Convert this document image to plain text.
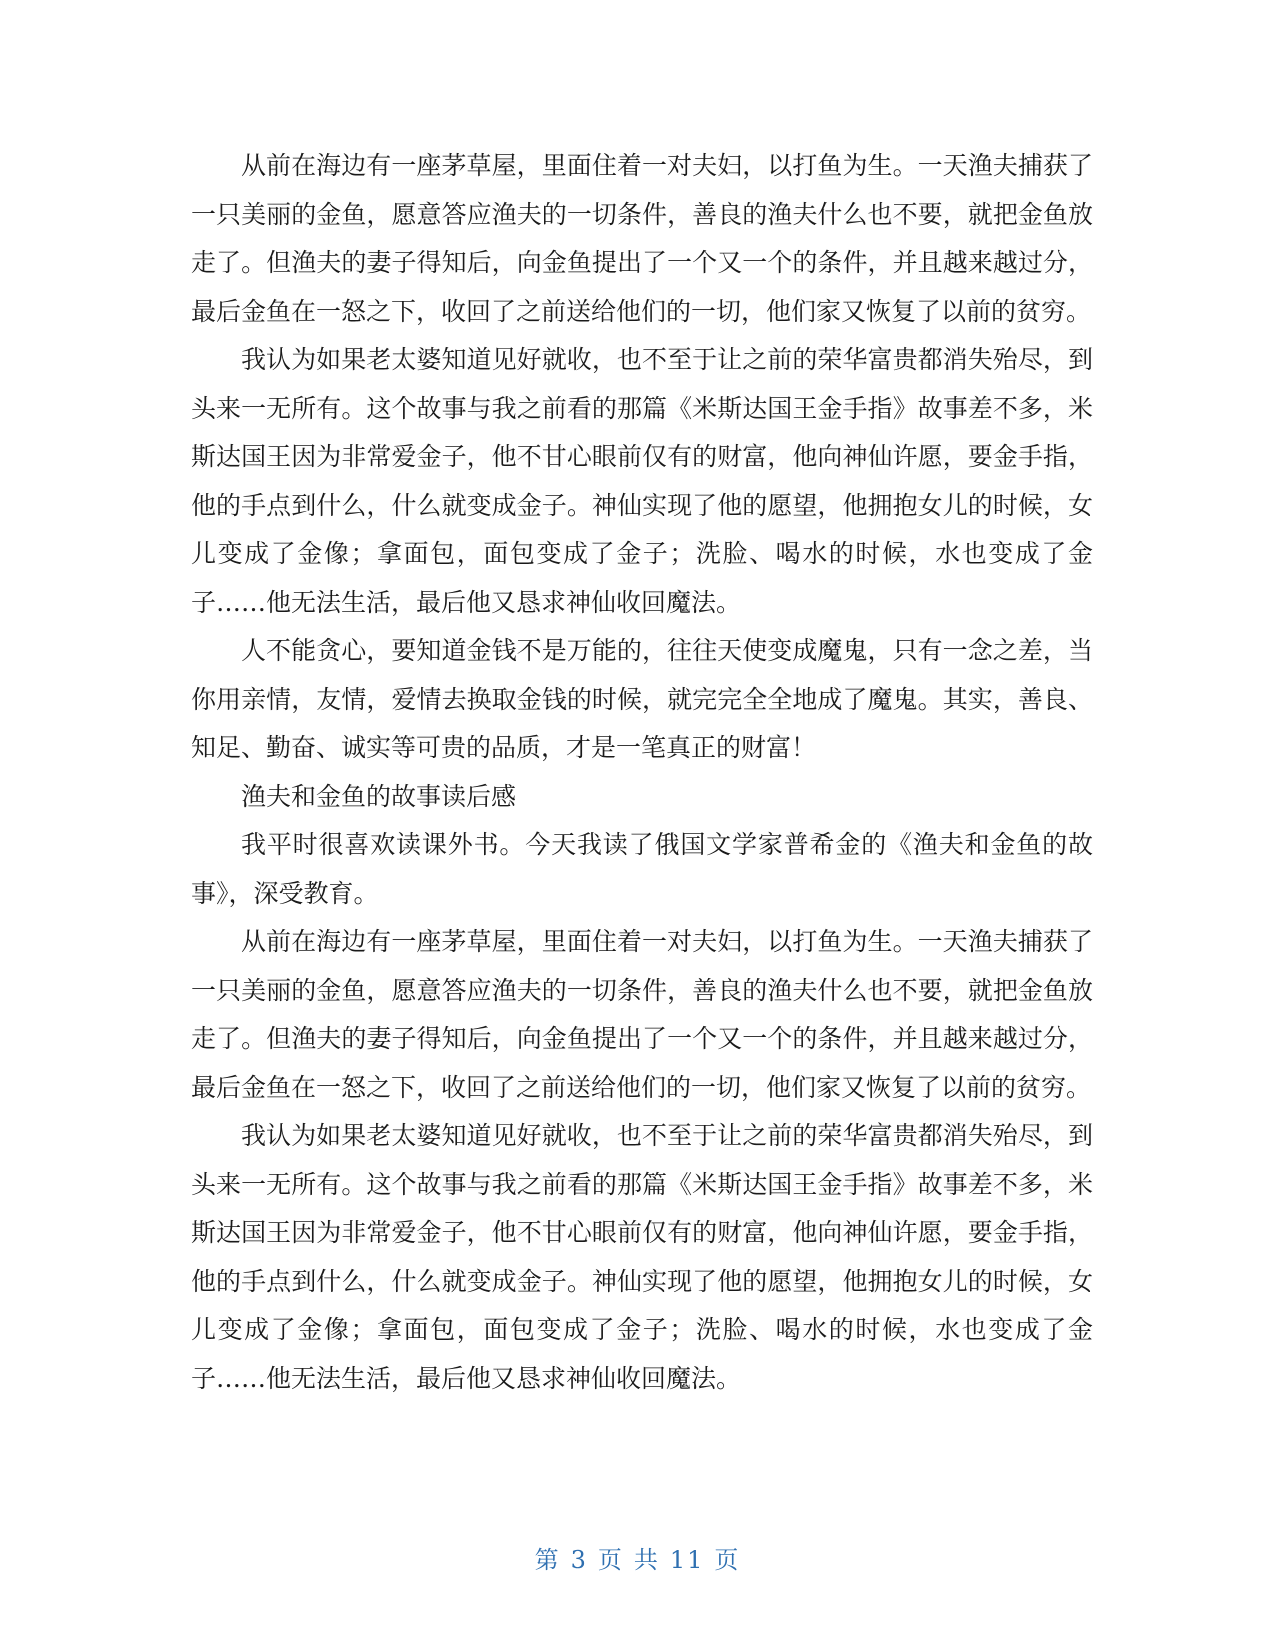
从前在海边有一座茅草屋，里面住着一对夫妇，以打鱼为生。一天渔夫捕获了一只美丽的金鱼，愿意答应渔夫的一切条件，善良的渔夫什么也不要，就把金鱼放走了。但渔夫的妻子得知后，向金鱼提出了一个又一个的条件，并且越来越过分，最后金鱼在一怒之下，收回了之前送给他们的一切，他们家又恢复了以前的贫穷。

我认为如果老太婆知道见好就收，也不至于让之前的荣华富贵都消失殆尽，到头来一无所有。这个故事与我之前看的那篇《米斯达国王金手指》故事差不多，米斯达国王因为非常爱金子，他不甘心眼前仅有的财富，他向神仙许愿，要金手指，他的手点到什么，什么就变成金子。神仙实现了他的愿望，他拥抱女儿的时候，女儿变成了金像；拿面包，面包变成了金子；洗脸、喝水的时候，水也变成了金子……他无法生活，最后他又恳求神仙收回魔法。

人不能贪心，要知道金钱不是万能的，往往天使变成魔鬼，只有一念之差，当你用亲情，友情，爱情去换取金钱的时候，就完完全全地成了魔鬼。其实，善良、知足、勤奋、诚实等可贵的品质，才是一笔真正的财富！

渔夫和金鱼的故事读后感

我平时很喜欢读课外书。今天我读了俄国文学家普希金的《渔夫和金鱼的故事》，深受教育。

从前在海边有一座茅草屋，里面住着一对夫妇，以打鱼为生。一天渔夫捕获了一只美丽的金鱼，愿意答应渔夫的一切条件，善良的渔夫什么也不要，就把金鱼放走了。但渔夫的妻子得知后，向金鱼提出了一个又一个的条件，并且越来越过分，最后金鱼在一怒之下，收回了之前送给他们的一切，他们家又恢复了以前的贫穷。

我认为如果老太婆知道见好就收，也不至于让之前的荣华富贵都消失殆尽，到头来一无所有。这个故事与我之前看的那篇《米斯达国王金手指》故事差不多，米斯达国王因为非常爱金子，他不甘心眼前仅有的财富，他向神仙许愿，要金手指，他的手点到什么，什么就变成金子。神仙实现了他的愿望，他拥抱女儿的时候，女儿变成了金像；拿面包，面包变成了金子；洗脸、喝水的时候，水也变成了金子……他无法生活，最后他又恳求神仙收回魔法。

第 3 页 共 11 页
